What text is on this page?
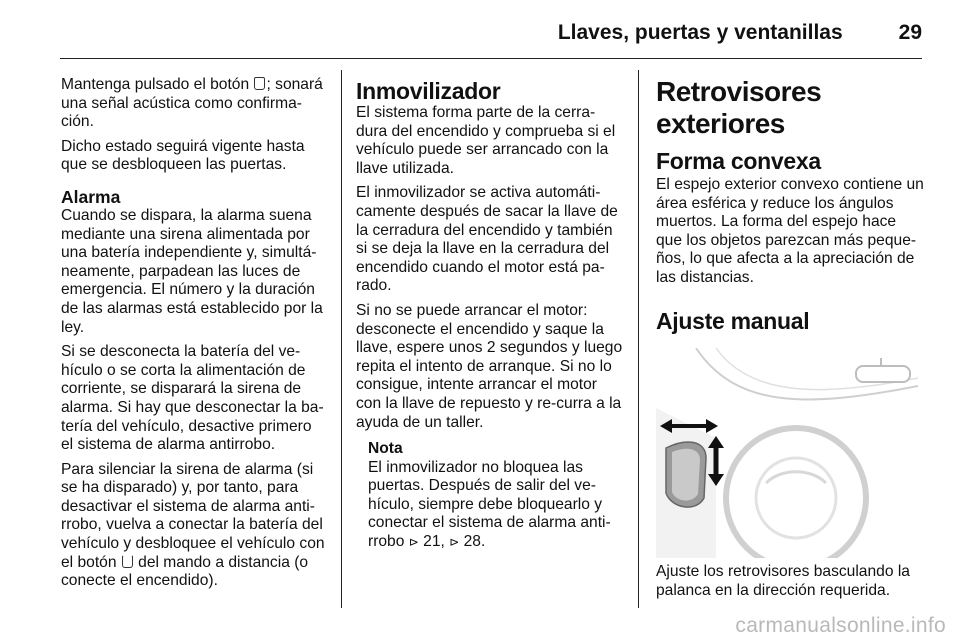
Llaves, puertas y ventanillas	29

Mantenga pulsado el botón ; sonará una señal acústica como confirma-ción.

Dicho estado seguirá vigente hasta que se desbloqueen las puertas.

Alarma

Cuando se dispara, la alarma suena mediante una sirena alimentada por una batería independiente y, simultá-neamente, parpadean las luces de emergencia. El número y la duración de las alarmas está establecido por la ley.

Si se desconecta la batería del ve-hículo o se corta la alimentación de corriente, se disparará la sirena de alarma. Si hay que desconectar la ba-tería del vehículo, desactive primero el sistema de alarma antirrobo.

Para silenciar la sirena de alarma (si se ha disparado) y, por tanto, para desactivar el sistema de alarma anti-rrobo, vuelva a conectar la batería del vehículo y desbloquee el vehículo con el botón  del mando a distancia (o conecte el encendido).

Inmovilizador

El sistema forma parte de la cerra-dura del encendido y comprueba si el vehículo puede ser arrancado con la llave utilizada.

El inmovilizador se activa automáti-camente después de sacar la llave de la cerradura del encendido y también si se deja la llave en la cerradura del encendido cuando el motor está pa-rado.

Si no se puede arrancar el motor: desconecte el encendido y saque la llave, espere unos 2 segundos y luego repita el intento de arranque. Si no lo consigue, intente arrancar el motor con la llave de repuesto y re-curra a la ayuda de un taller.

Nota
El inmovilizador no bloquea las puertas. Después de salir del ve-hículo, siempre debe bloquearlo y conectar el sistema de alarma anti-rrobo ⊳ 21, ⊳ 28.
Retrovisores exteriores
Forma convexa

El espejo exterior convexo contiene un área esférica y reduce los ángulos muertos. La forma del espejo hace que los objetos parezcan más peque-ños, lo que afecta a la apreciación de las distancias.

Ajuste manual

Ajuste los retrovisores basculando la palanca en la dirección requerida.

carmanualsonline.info
